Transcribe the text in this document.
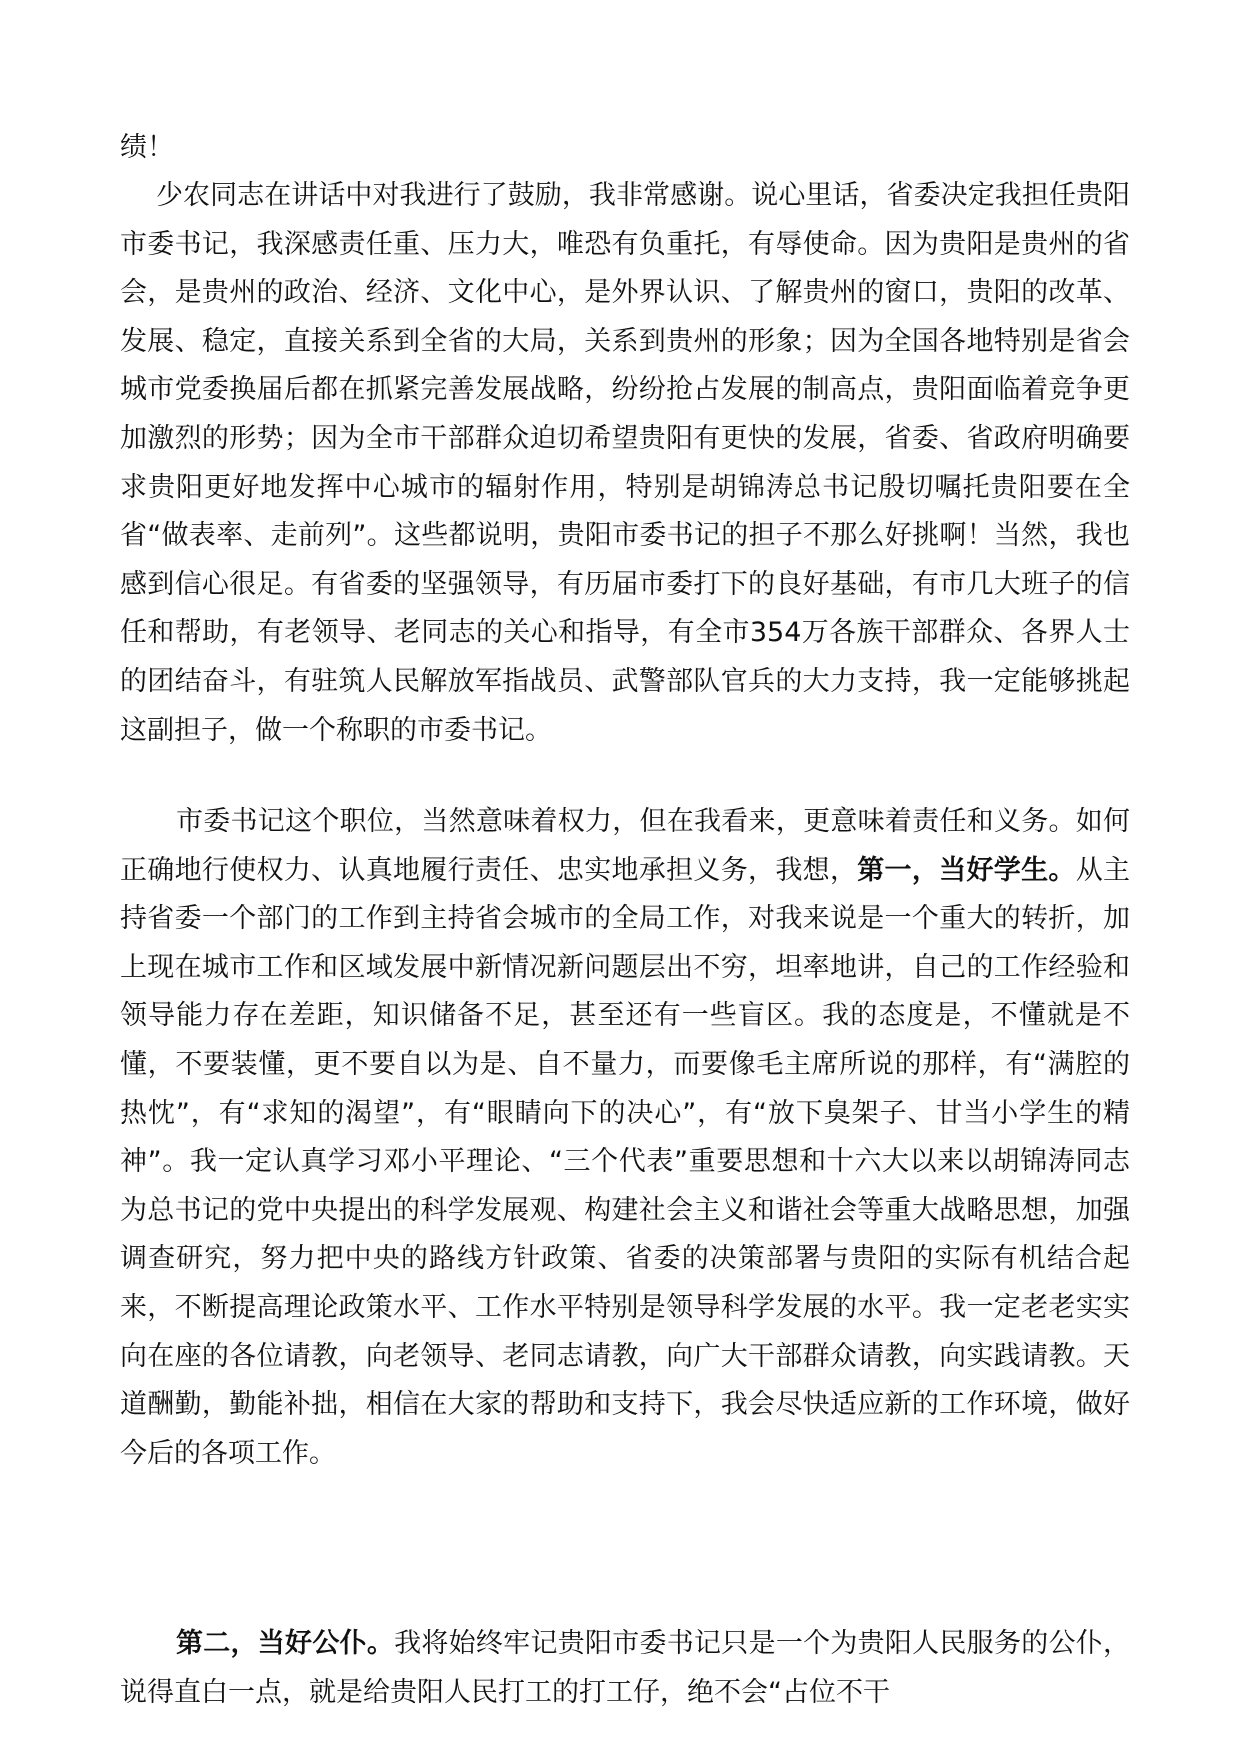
绩！

少农同志在讲话中对我进行了鼓励，我非常感谢。说心里话，省委决定我担任贵阳市委书记，我深感责任重、压力大，唯恐有负重托，有辱使命。因为贵阳是贵州的省会，是贵州的政治、经济、文化中心，是外界认识、了解贵州的窗口，贵阳的改革、发展、稳定，直接关系到全省的大局，关系到贵州的形象；因为全国各地特别是省会城市党委换届后都在抓紧完善发展战略，纷纷抢占发展的制高点，贵阳面临着竞争更加激烈的形势；因为全市干部群众迫切希望贵阳有更快的发展，省委、省政府明确要求贵阳更好地发挥中心城市的辐射作用，特别是胡锦涛总书记殷切嘱托贵阳要在全省“做表率、走前列”。这些都说明，贵阳市委书记的担子不那么好挑啊！当然，我也感到信心很足。有省委的坚强领导，有历届市委打下的良好基础，有市几大班子的信任和帮助，有老领导、老同志的关心和指导，有全市354万各族干部群众、各界人士的团结奋斗，有驻筑人民解放军指战员、武警部队官兵的大力支持，我一定能够挑起这副担子，做一个称职的市委书记。

市委书记这个职位，当然意味着权力，但在我看来，更意味着责任和义务。如何正确地行使权力、认真地履行责任、忠实地承担义务，我想，第一，当好学生。从主持省委一个部门的工作到主持省会城市的全局工作，对我来说是一个重大的转折，加上现在城市工作和区域发展中新情况新问题层出不穷，坦率地讲，自己的工作经验和领导能力存在差距，知识储备不足，甚至还有一些盲区。我的态度是，不懂就是不懂，不要装懂，更不要自以为是、自不量力，而要像毛主席所说的那样，有“满腔的热忱”，有“求知的渴望”，有“眼睛向下的决心”，有“放下臭架子、甘当小学生的精神”。我一定认真学习邓小平理论、“三个代表”重要思想和十六大以来以胡锦涛同志为总书记的党中央提出的科学发展观、构建社会主义和谐社会等重大战略思想，加强调查研究，努力把中央的路线方针政策、省委的决策部署与贵阳的实际有机结合起来，不断提高理论政策水平、工作水平特别是领导科学发展的水平。我一定老老实实向在座的各位请教，向老领导、老同志请教，向广大干部群众请教，向实践请教。天道酬勤，勤能补拙，相信在大家的帮助和支持下，我会尽快适应新的工作环境，做好今后的各项工作。

第二，当好公仆。我将始终牢记贵阳市委书记只是一个为贵阳人民服务的公仆，说得直白一点，就是给贵阳人民打工的打工仔，绝不会“占位不干
